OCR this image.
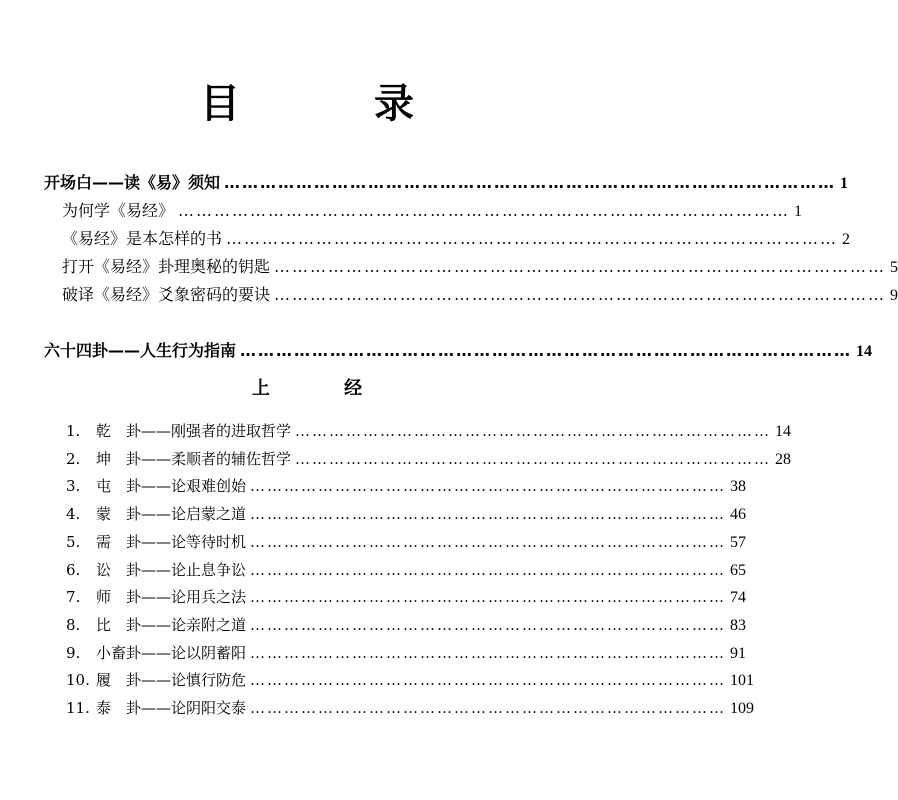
目 录
开场白——读《易》须知 ………………………………………………………………………………………… 1
为何学《易经》 ………………………………………………………………………………………… 1
《易经》是本怎样的书 ………………………………………………………………………………………… 2
打开《易经》卦理奥秘的钥匙 ………………………………………………………………………………………… 5
破译《易经》爻象密码的要诀 ………………………………………………………………………………………… 9
六十四卦——人生行为指南 ………………………………………………………………………………………… 14
上 经
1. 乾 卦——刚强者的进取哲学 ………………………………………………………………………… 14
2. 坤 卦——柔顺者的辅佐哲学 ………………………………………………………………………… 28
3. 屯 卦——论艰难创始 ………………………………………………………………………… 38
4. 蒙 卦——论启蒙之道 ………………………………………………………………………… 46
5. 需 卦——论等待时机 ………………………………………………………………………… 57
6. 讼 卦——论止息争讼 ………………………………………………………………………… 65
7. 师 卦——论用兵之法 ………………………………………………………………………… 74
8. 比 卦——论亲附之道 ………………………………………………………………………… 83
9. 小畜卦——论以阴蓄阳 ………………………………………………………………………… 91
10. 履 卦——论慎行防危 ………………………………………………………………………… 101
11. 泰 卦——论阴阳交泰 ………………………………………………………………………… 109
